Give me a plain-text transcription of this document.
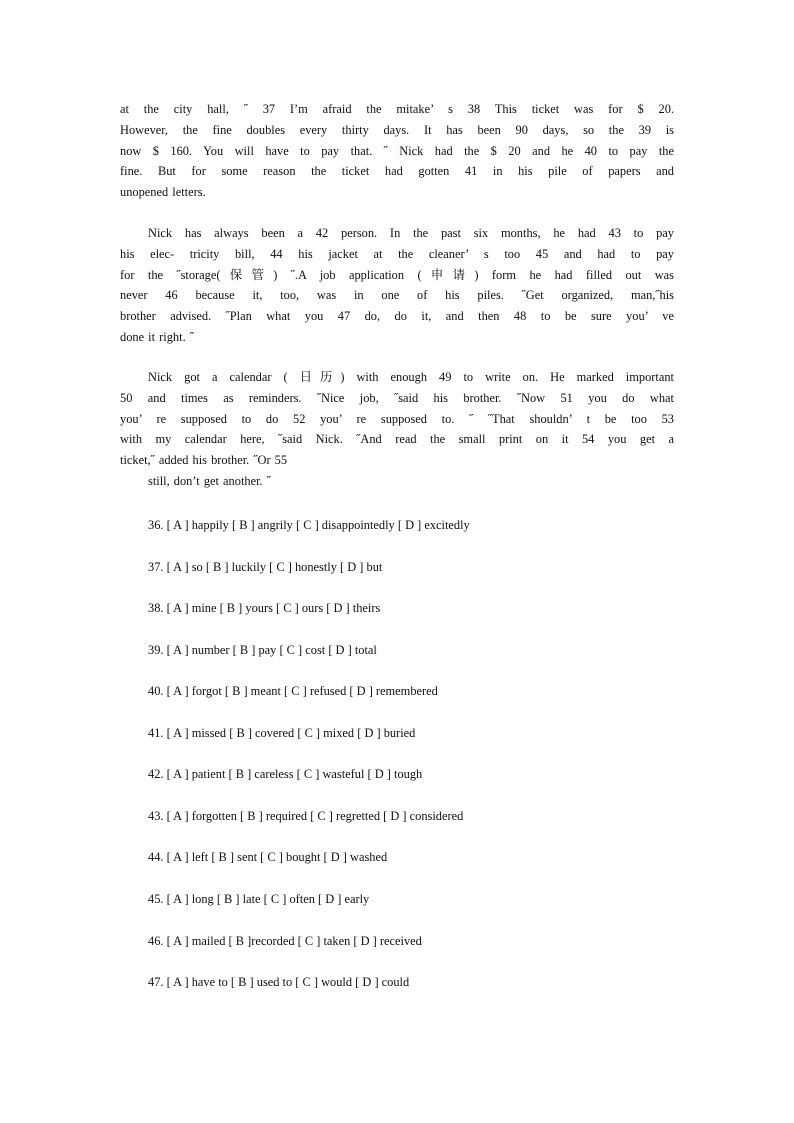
at the city hall, ˝ 37 I’m afraid the mitake’ s 38 This ticket was for $ 20.
However, the fine doubles every thirty days. It has been 90 days, so the 39 is
now $ 160. You will have to pay that. ˝ Nick had the $ 20 and he 40 to pay the
fine. But for some reason the ticket had gotten 41 in his pile of papers and
unopened letters.
Nick has always been a 42 person. In the past six months, he had 43 to pay
his elec- tricity bill, 44 his jacket at the cleaner’ s too 45 and had to pay
for the ˝storage(保管) ˝.A job application (申请) form he had filled out was
never 46 because it, too, was in one of his piles. ˝Get organized, man,˝his
brother advised. ˝Plan what you 47 do, do it, and then 48 to be sure you’ ve
done it right. ˝
Nick got a calendar ( 日历) with enough 49 to write on. He marked important
50 and times as reminders. ˝Nice job, ˝said his brother. ˝Now 51 you do what
you’ re supposed to do 52 you’ re supposed to. ˝ ˝That shouldn’ t be too 53
with my calendar here, ˝said Nick. ˝And read the small print on it 54 you get a
ticket,˝ added his brother. ˝Or 55
still, don’t get another. ˝
36. [ A ] happily [ B ] angrily [ C ] disappointedly [ D ] excitedly
37. [ A ] so [ B ] luckily [ C ] honestly [ D ] but
38. [ A ] mine [ B ] yours [ C ] ours [ D ] theirs
39. [ A ] number [ B ] pay [ C ] cost [ D ] total
40. [ A ] forgot [ B ] meant [ C ] refused [ D ] remembered
41. [ A ] missed [ B ] covered [ C ] mixed [ D ] buried
42. [ A ] patient [ B ] careless [ C ] wasteful [ D ] tough
43. [ A ] forgotten [ B ] required [ C ] regretted [ D ] considered
44. [ A ] left [ B ] sent [ C ] bought [ D ] washed
45. [ A ] long [ B ] late [ C ] often [ D ] early
46. [ A ] mailed [ B ]recorded [ C ] taken [ D ] received
47. [ A ] have to [ B ] used to [ C ] would [ D ] could
